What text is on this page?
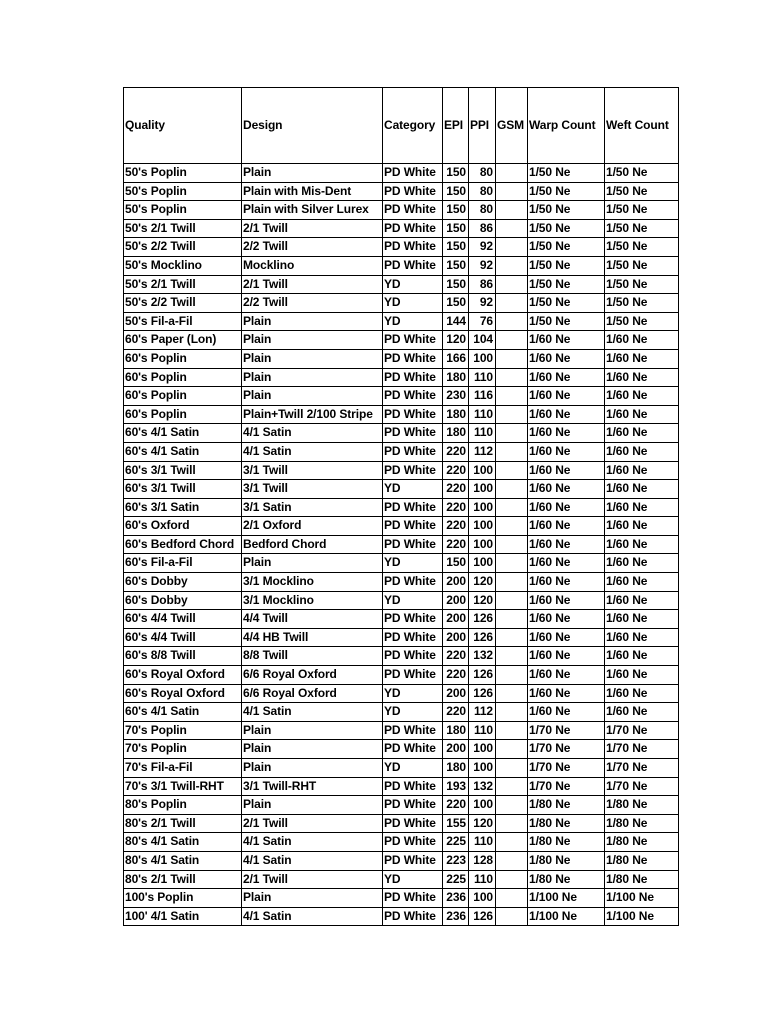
Quality	Design	Category	EPI	PPI	GSM	Warp Count	Weft Count
50's Poplin	Plain	PD White	150	80		1/50 Ne	1/50 Ne
50's Poplin	Plain with Mis-Dent	PD White	150	80		1/50 Ne	1/50 Ne
50's Poplin	Plain with Silver Lurex	PD White	150	80		1/50 Ne	1/50 Ne
50's 2/1 Twill	2/1 Twill	PD White	150	86		1/50 Ne	1/50 Ne
50's 2/2 Twill	2/2 Twill	PD White	150	92		1/50 Ne	1/50 Ne
50's Mocklino	Mocklino	PD White	150	92		1/50 Ne	1/50 Ne
50's 2/1 Twill	2/1 Twill	YD	150	86		1/50 Ne	1/50 Ne
50's 2/2 Twill	2/2 Twill	YD	150	92		1/50 Ne	1/50 Ne
50's Fil-a-Fil	Plain	YD	144	76		1/50 Ne	1/50 Ne
60's Paper (Lon)	Plain	PD White	120	104		1/60 Ne	1/60 Ne
60's Poplin	Plain	PD White	166	100		1/60 Ne	1/60 Ne
60's Poplin	Plain	PD White	180	110		1/60 Ne	1/60 Ne
60's Poplin	Plain	PD White	230	116		1/60 Ne	1/60 Ne
60's Poplin	Plain+Twill 2/100 Stripe	PD White	180	110		1/60 Ne	1/60 Ne
60's 4/1 Satin	4/1 Satin	PD White	180	110		1/60 Ne	1/60 Ne
60's 4/1 Satin	4/1 Satin	PD White	220	112		1/60 Ne	1/60 Ne
60's 3/1 Twill	3/1 Twill	PD White	220	100		1/60 Ne	1/60 Ne
60's 3/1 Twill	3/1 Twill	YD	220	100		1/60 Ne	1/60 Ne
60's 3/1 Satin	3/1 Satin	PD White	220	100		1/60 Ne	1/60 Ne
60's Oxford	2/1 Oxford	PD White	220	100		1/60 Ne	1/60 Ne
60's Bedford Chord	Bedford Chord	PD White	220	100		1/60 Ne	1/60 Ne
60's Fil-a-Fil	Plain	YD	150	100		1/60 Ne	1/60 Ne
60's Dobby	3/1 Mocklino	PD White	200	120		1/60 Ne	1/60 Ne
60's Dobby	3/1 Mocklino	YD	200	120		1/60 Ne	1/60 Ne
60's 4/4 Twill	4/4 Twill	PD White	200	126		1/60 Ne	1/60 Ne
60's 4/4 Twill	4/4 HB Twill	PD White	200	126		1/60 Ne	1/60 Ne
60's 8/8 Twill	8/8 Twill	PD White	220	132		1/60 Ne	1/60 Ne
60's Royal Oxford	6/6 Royal Oxford	PD White	220	126		1/60 Ne	1/60 Ne
60's Royal Oxford	6/6 Royal Oxford	YD	200	126		1/60 Ne	1/60 Ne
60's 4/1 Satin	4/1 Satin	YD	220	112		1/60 Ne	1/60 Ne
70's Poplin	Plain	PD White	180	110		1/70 Ne	1/70 Ne
70's Poplin	Plain	PD White	200	100		1/70 Ne	1/70 Ne
70's Fil-a-Fil	Plain	YD	180	100		1/70 Ne	1/70 Ne
70's 3/1 Twill-RHT	3/1 Twill-RHT	PD White	193	132		1/70 Ne	1/70 Ne
80's Poplin	Plain	PD White	220	100		1/80 Ne	1/80 Ne
80's 2/1 Twill	2/1 Twill	PD White	155	120		1/80 Ne	1/80 Ne
80's 4/1 Satin	4/1 Satin	PD White	225	110		1/80 Ne	1/80 Ne
80's 4/1 Satin	4/1 Satin	PD White	223	128		1/80 Ne	1/80 Ne
80's 2/1 Twill	2/1 Twill	YD	225	110		1/80 Ne	1/80 Ne
100's Poplin	Plain	PD White	236	100		1/100 Ne	1/100 Ne
100' 4/1 Satin	4/1 Satin	PD White	236	126		1/100 Ne	1/100 Ne
